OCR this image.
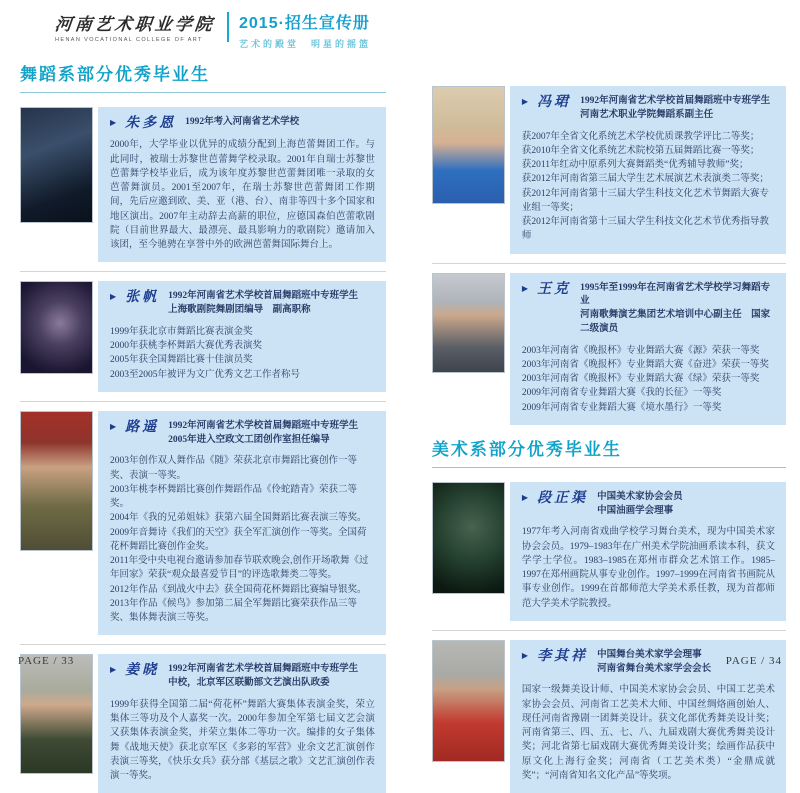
河南艺术职业学院
HENAN VOCATIONAL COLLEGE OF ART
2015·招生宣传册
艺术的殿堂　明星的摇篮
舞蹈系部分优秀毕业生
▶ 朱多恩 1992年考入河南省艺术学校

2000年，大学毕业以优异的成绩分配到上海芭蕾舞团工作。与此同时，被瑞士苏黎世芭蕾舞学校录取。2001年自瑞士苏黎世芭蕾舞学校毕业后，成为该年度苏黎世芭蕾舞团唯一录取的女芭蕾舞演员。2001至2007年，在瑞士苏黎世芭蕾舞团工作期间，先后应邀到欧、美、亚（港、台）、南非等四十多个国家和地区演出。2007年主动辞去高薪的职位，应德国森伯芭蕾歌剧院（目前世界最大、最漂亮、最具影响力的歌剧院）邀请加入该团，至今驰骋在享誉中外的欧洲芭蕾舞国际舞台上。

▶ 张帆 1992年河南省艺术学校首届舞蹈班中专班学生
上海歌剧院舞剧团编导　副高职称
1999年获北京市舞蹈比赛表演金奖
2000年获桃李杯舞蹈大赛优秀表演奖
2005年获全国舞蹈比赛十佳演员奖
2003至2005年被评为文广优秀文艺工作者称号
▶ 路遥 1992年河南省艺术学校首届舞蹈班中专班学生
2005年进入空政文工团创作室担任编导
2003年创作双人舞作品《随》荣获北京市舞蹈比赛创作一等奖、表演一等奖。
2003年桃李杯舞蹈比赛创作舞蹈作品《伶蛇踏青》荣获二等奖。
2004年《我的兄弟姐妹》获第六届全国舞蹈比赛表演三等奖。
2009年音舞诗《我们的天空》获全军汇演创作一等奖。全国荷花杯舞蹈比赛创作金奖。
2011年受中央电视台邀请参加春节联欢晚会,创作开场歌舞《过年回家》荣获“观众最喜爱节目”的评选歌舞类二等奖。
2012年作品《到战火中去》获全国荷花杯舞蹈比赛编导银奖。
2013年作品《候鸟》参加第二届全军舞蹈比赛荣获作品三等奖、集体舞表演三等奖。
▶ 姜晓 1992年河南省艺术学校首届舞蹈班中专班学生
中校，北京军区联勤部文艺演出队政委

1999年获得全国第二届“荷花杯”舞蹈大赛集体表演金奖，荣立集体三等功及个人嘉奖一次。2000年参加全军第七届文艺会演又获集体表演金奖，并荣立集体二等功一次。编排的女子集体舞《战地天使》获北京军区《多彩的军营》业余文艺汇演创作表演三等奖，《快乐女兵》获分部《基层之歌》文艺汇演创作表演一等奖。

▶ 冯珺 1992年河南省艺术学校首届舞蹈班中专班学生
河南艺术职业学院舞蹈系副主任
获2007年全省文化系统艺术学校优质课教学评比二等奖；
获2010年全省文化系统艺术院校第五届舞蹈比赛一等奖；
获2011年红动中原系列大赛舞蹈类“优秀辅导教师”奖；
获2012年河南省第三届大学生艺术展演艺术表演类二等奖；
获2012年河南省第十三届大学生科技文化艺术节舞蹈大赛专业组一等奖；
获2012年河南省第十三届大学生科技文化艺术节优秀指导教师
▶ 王克 1995年至1999年在河南省艺术学校学习舞蹈专业
河南歌舞演艺集团艺术培训中心副主任　国家二级演员
2003年河南省《晚报杯》专业舞蹈大赛《源》荣获一等奖
2003年河南省《晚报杯》专业舞蹈大赛《奋进》荣获一等奖
2003年河南省《晚报杯》专业舞蹈大赛《绿》荣获一等奖
2009年河南省专业舞蹈大赛《我的长征》一等奖
2009年河南省专业舞蹈大赛《境水墨行》一等奖
美术系部分优秀毕业生
▶ 段正渠 中国美术家协会会员
中国油画学会理事

1977年考入河南省戏曲学校学习舞台美术，现为中国美术家协会会员。1979–1983年在广州美术学院油画系读本科，获文学学士学位。1983–1985在郑州市群众艺术馆工作。1985–1997在郑州画院从事专业创作。1997–1999在河南省书画院从事专业创作。1999在首都师范大学美术系任教，现为首都师范大学美术学院教授。

▶ 李其祥 中国舞台美术家学会理事
河南省舞台美术家学会会长

国家一级舞美设计师、中国美术家协会会员、中国工艺美术家协会会员、河南省工艺美术大师、中国丝绸烙画创始人、现任河南省豫剧一团舞美设计。获文化部优秀舞美设计奖；河南省第三、四、五、七、八、九届戏剧大赛优秀舞美设计奖；河北省第七届戏剧大赛优秀舞美设计奖；绘画作品获中原文化上海行金奖；河南省（工艺美术类）“金鼎成就奖”；“河南省知名文化产品”等奖项。

PAGE / 33	PAGE / 34
